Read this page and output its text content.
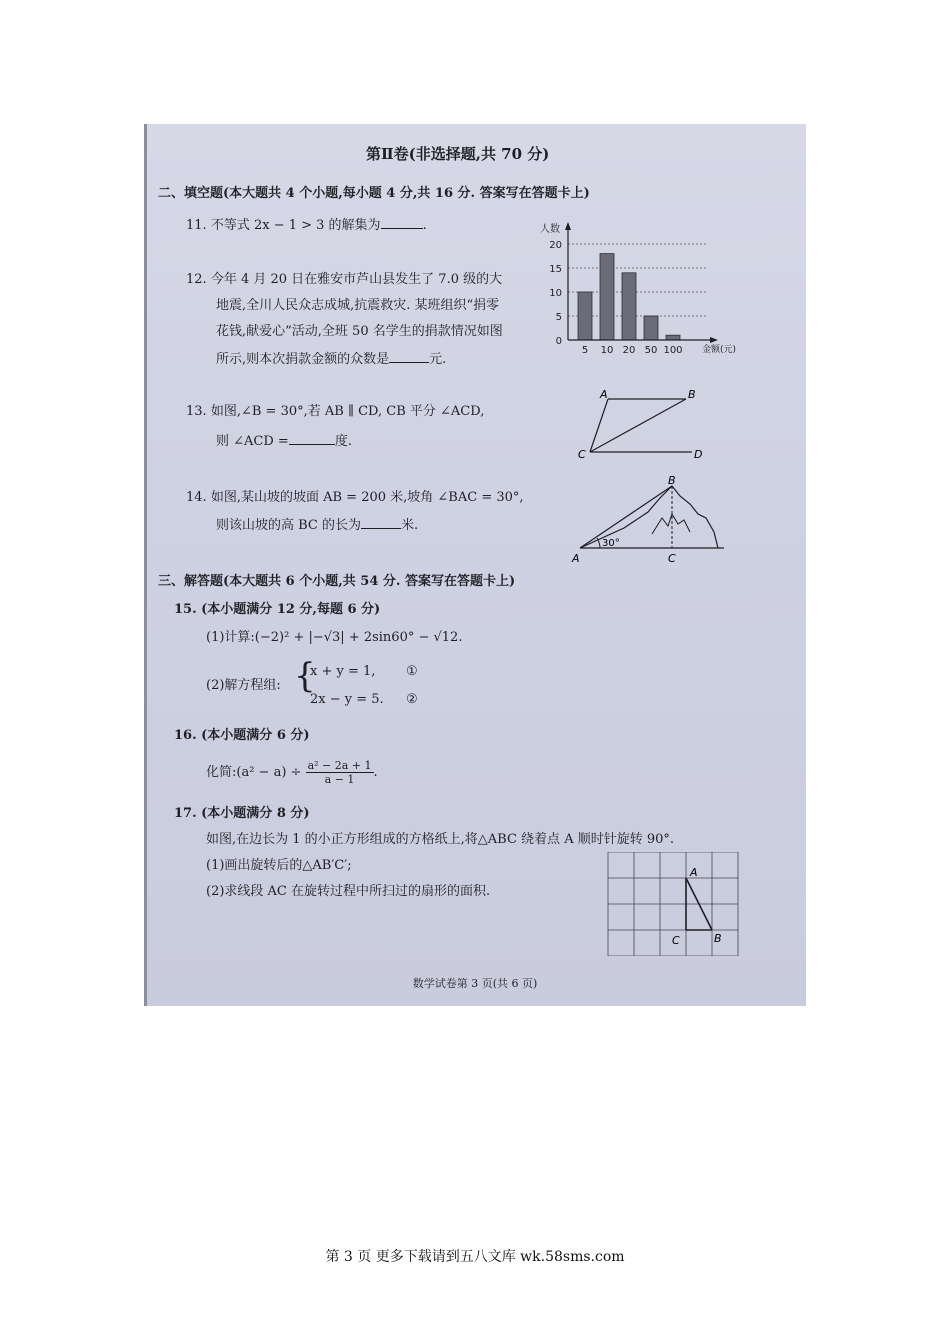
第Ⅱ卷(非选择题,共 70 分)
二、填空题(本大题共 4 个小题,每小题 4 分,共 16 分. 答案写在答题卡上)
11. 不等式 2x − 1 > 3 的解集为	.
12. 今年 4 月 20 日在雅安市芦山县发生了 7.0 级的大
地震,全川人民众志成城,抗震救灾. 某班组织“捐零
花钱,献爱心”活动,全班 50 名学生的捐款情况如图
所示,则本次捐款金额的众数是	元.
人数
金额(元)
0
5
10
15
20
5 10 20 50 100
13. 如图,∠B = 30°,若 AB ∥ CD, CB 平分 ∠ACD,
则 ∠ACD =	度.
A	B
C	D
14. 如图,某山坡的坡面 AB = 200 米,坡角 ∠BAC = 30°,
则该山坡的高 BC 的长为	米.
A
B
C
30°
三、解答题(本大题共 6 个小题,共 54 分. 答案写在答题卡上)
15. (本小题满分 12 分,每题 6 分)
(1)计算:(−2)² + |−√3| + 2sin60° − √12.
(2)解方程组: {
x + y = 1,
2x − y = 5.
①
②
16. (本小题满分 6 分)
化简:(a² − $a) \div \frac{\text{a² − 2a + 1}}{a - 1}$ .
17. (本小题满分 8 分)
如图,在边长为 1 的小正方形组成的方格纸上,将△ABC 绕着点 A 顺时针旋转 90°.
(1)画出旋转后的△AB′C′;
(2)求线段 AC 在旋转过程中所扫过的扇形的面积.
A
C	B
数学试卷第 3 页(共 6 页)
第 3 页 更多下载请到五八文库 wk.58sms.com
